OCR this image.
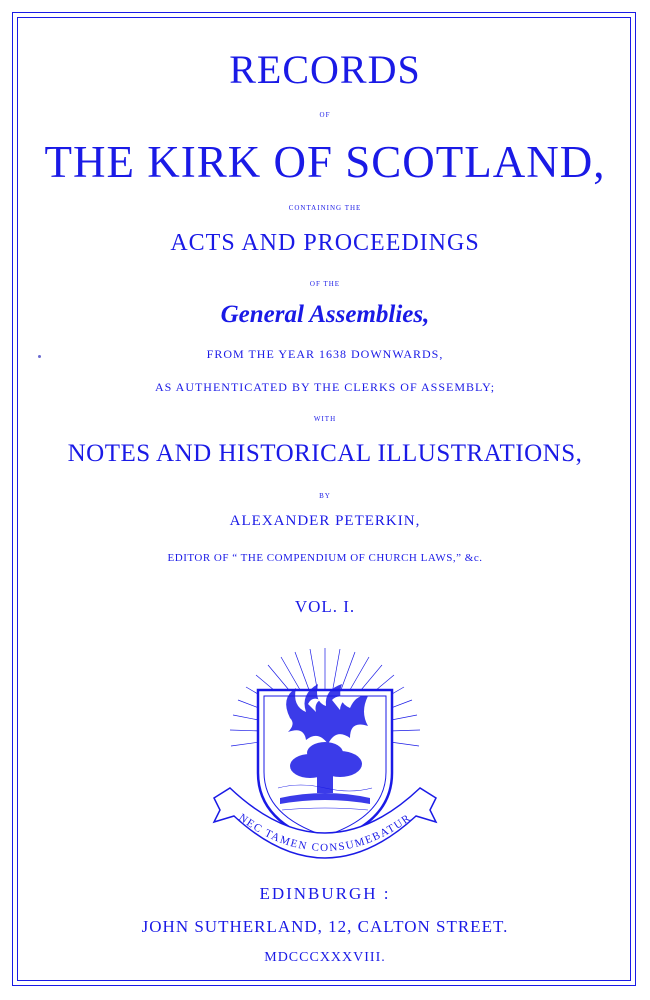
RECORDS
OF
THE KIRK OF SCOTLAND,
CONTAINING THE
ACTS AND PROCEEDINGS
OF THE
General Assemblies,
FROM THE YEAR 1638 DOWNWARDS,
AS AUTHENTICATED BY THE CLERKS OF ASSEMBLY;
WITH
NOTES AND HISTORICAL ILLUSTRATIONS,
BY
ALEXANDER PETERKIN,
EDITOR OF “ THE COMPENDIUM OF CHURCH LAWS,” &c.
VOL. I.
NEC TAMEN CONSUMEBATUR
EDINBURGH :
JOHN SUTHERLAND, 12, CALTON STREET.
MDCCCXXXVIII.
